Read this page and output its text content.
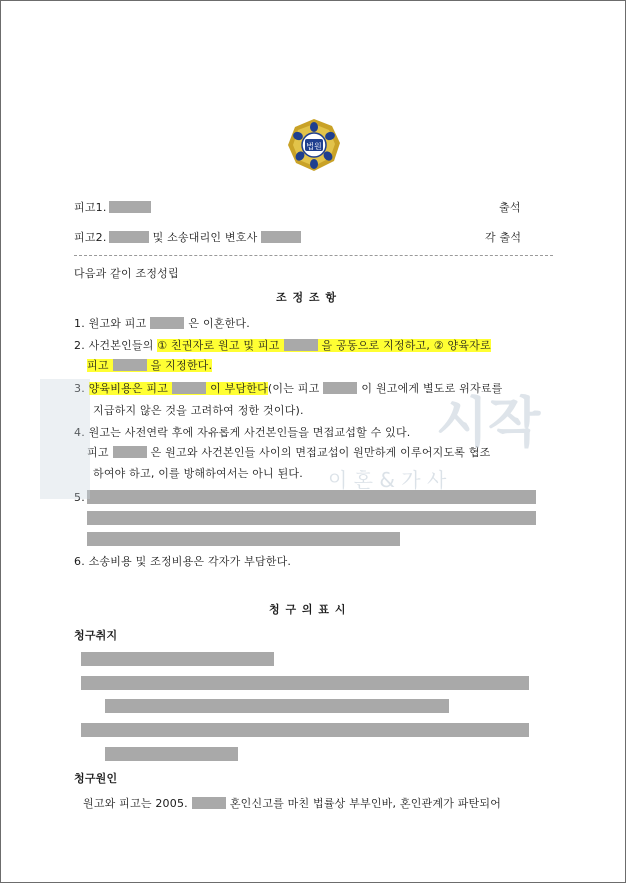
법원
피고1.	출석
피고2.	및 소송대리인 변호사	각 출석
다음과 같이 조정성립
조 정 조 항
1. 원고와 피고	은 이혼한다.
2. 사건본인들의 ① 친권자로 원고 및 피고	을 공동으로 지정하고, ② 양육자로
피고	을 지정한다.
3. 양육비용은 피고	이 부담한다(이는 피고	이 원고에게 별도로 위자료를
지급하지 않은 것을 고려하여 정한 것이다).
4. 원고는 사전연락 후에 자유롭게 사건본인들을 면접교섭할 수 있다.
피고	은 원고와 사건본인들 사이의 면접교섭이 원만하게 이루어지도록 협조
하여야 하고, 이를 방해하여서는 아니 된다.
5.
6. 소송비용 및 조정비용은 각자가 부담한다.
청 구 의 표 시
청구취지
청구원인
원고와 피고는 2005.	혼인신고를 마친 법률상 부부인바, 혼인관계가 파탄되어
시작
이 혼 & 가 사
